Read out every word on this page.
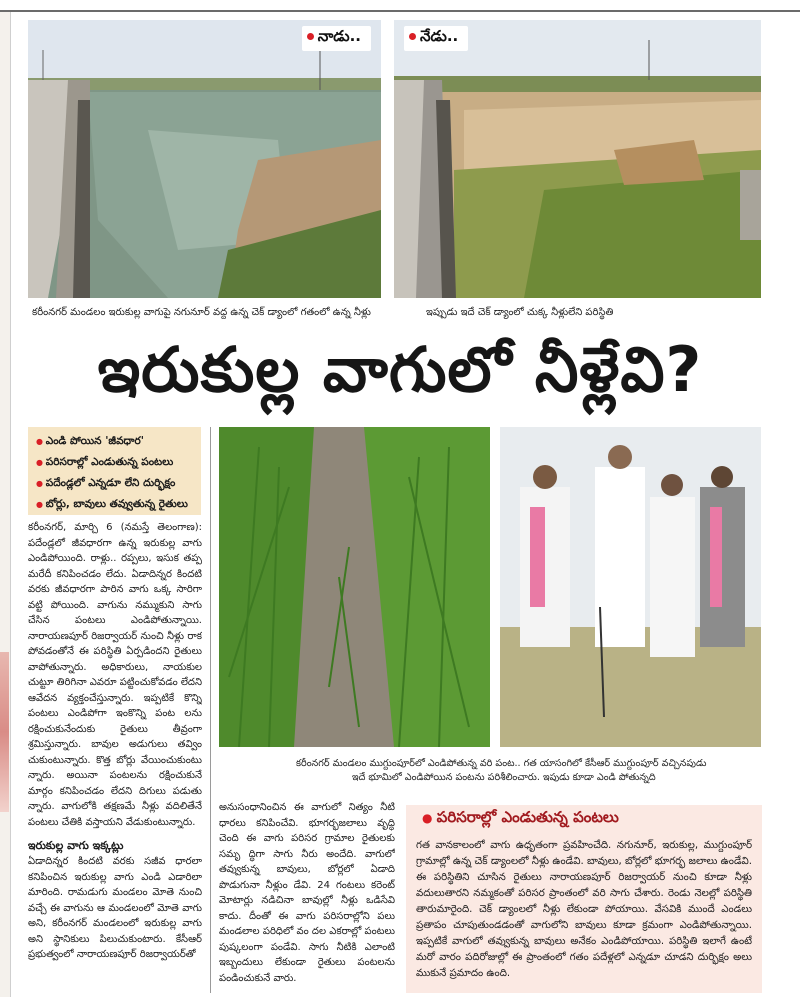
నాడు..
కరీంనగర్ మండలం ఇరుకుల్ల వాగుపై నగునూర్ వద్ద ఉన్న చెక్ డ్యాంలో గతంలో ఉన్న నీళ్లు
నేడు..
ఇప్పుడు ఇదే చెక్ డ్యాంలో చుక్క నీళ్లులేని పరిస్థితి
ఇరుకుల్ల వాగులో నీళ్లేవి?
● ఎండి పోయిన 'జీవధార'
● పరిసరాల్లో ఎండుతున్న పంటలు
● పదేండ్లలో ఎన్నడూ లేని దుర్భిక్షం
● బోర్లు, బావులు తవ్వుతున్న రైతులు

కరీంనగర్, మార్చి 6 (నమస్తే తెలంగాణ): పదేండ్లలో జీవధారగా ఉన్న ఇరుకుల్ల వాగు ఎండిపోయింది. రాళ్లు.. రప్పలు, ఇసుక తప్ప మరేదీ కనిపించడం లేదు. ఏడాదిన్నర కిందటి వరకు జీవధారగా పారిన వాగు ఒక్క సారిగా వట్టి పోయింది. వాగును నమ్ముకుని సాగు చేసిన పంటలు ఎండిపోతున్నాయి. నారాయణపూర్ రిజర్వాయర్ నుంచి నీళ్లు రాక పోవడంతోనే ఈ పరిస్థితి ఏర్పడిందని రైతులు వాపోతున్నారు. అధికారులు, నాయకుల చుట్టూ తిరిగినా ఎవరూ పట్టించుకోవడం లేదని ఆవేదన వ్యక్తంచేస్తున్నారు. ఇప్పటికే కొన్ని పంటలు ఎండిపోగా ఇంకొన్ని పంట లను రక్షించుకునేందుకు రైతులు తీవ్రంగా శ్రమిస్తున్నారు. బావుల అడుగులు తవ్విం చుకుంటున్నారు. కొత్త బోర్లు వేయించుకుంటు న్నారు. అయినా పంటలను రక్షించుకునే మార్గం కనిపించడం లేదని దిగులు పడుతు న్నారు. వాగులోకి తక్షణమే నీళ్లు వదిలితేనే పంటలు చేతికి వస్తాయని వేడుకుంటున్నారు.

ఇరుకుల్ల వాగు ఇక్కట్లు

ఏడాదిన్నర కిందటి వరకు సజీవ ధారలా కనిపించిన ఇరుకుల్ల వాగు ఎండి ఎడారిలా మారింది. రామడుగు మండలం మోతె నుంచి వచ్చే ఈ వాగును ఆ మండలంలో మోతె వాగు అని, కరీంనగర్ మండలంలో ఇరుకుల్ల వాగు అని స్థానికులు పిలుచుకుంటారు. కేసీఆర్ ప్రభుత్వంలో నారాయణపూర్ రిజర్వాయర్‌తో

కరీంనగర్ మండలం ముగ్దుంపూర్‌లో ఎండిపోతున్న వరి పంట.. గత యాసంగిలో కేసీఆర్ ముగ్దుంపూర్ వచ్చినపుడు
ఇదే భూమిలో ఎండిపోయిన పంటను పరిశీలించారు. ఇపుడు కూడా ఎండి పోతున్నది

అనుసంధానించిన ఈ వాగులో నిత్యం నీటి ధారలు కనిపించేవి. భూగర్భజలాలు వృద్ధి చెంది ఈ వాగు పరిసర గ్రామాల రైతులకు సమృ ద్ధిగా సాగు నీరు అందేది. వాగులో తవ్వుకున్న బావులు, బోర్లలో ఏడాది పొడుగునా నీళ్లుం డేవి. 24 గంటలు కరెంట్ మోటార్లు నడిచినా బావుల్లో నీళ్లు ఒడిసేవి కాదు. దీంతో ఈ వాగు పరిసరాల్లోని పలు మండలాల పరిధిలో వం దల ఎకరాల్లో పంటలు పుష్కలంగా పండేవి. సాగు నీటికి ఎలాంటి ఇబ్బందులు లేకుండా రైతులు పంటలను పండించుకునే వారు.

● పరిసరాల్లో ఎండుతున్న పంటలు
గత వానకాలంలో వాగు ఉధృతంగా ప్రవహించేది. నగునూర్, ఇరుకుల్ల, ముగ్దుంపూర్ గ్రామాల్లో ఉన్న చెక్ డ్యాంలలో నీళ్లు ఉండేవి. బావులు, బోర్లలో భూగర్భ జలాలు ఉండేవి. ఈ పరిస్థితిని చూసిన రైతులు నారాయణపూర్ రిజర్వాయర్ నుంచి కూడా నీళ్లు వదులుతారని నమ్మకంతో పరిసర ప్రాంతంలో వరి సాగు చేశారు. రెండు నెలల్లో పరిస్థితి తారుమారైంది. చెక్ డ్యాంలలో నీళ్లు లేకుండా పోయాయి. వేసవికి ముందే ఎండలు ప్రతాపం చూపుతుండడంతో వాగులోని బావులు కూడా క్రమంగా ఎండిపోతున్నాయి. ఇప్పటికే వాగులో తవ్వుకున్న బావులు అనేకం ఎండిపోయాయి. పరిస్థితి ఇలాగే ఉంటే మరో వారం పదిరోజుల్లో ఈ ప్రాంతంలో గతం పదేళ్లలో ఎన్నడూ చూడని దుర్భిక్షం అలు ముకునే ప్రమాదం ఉంది.
